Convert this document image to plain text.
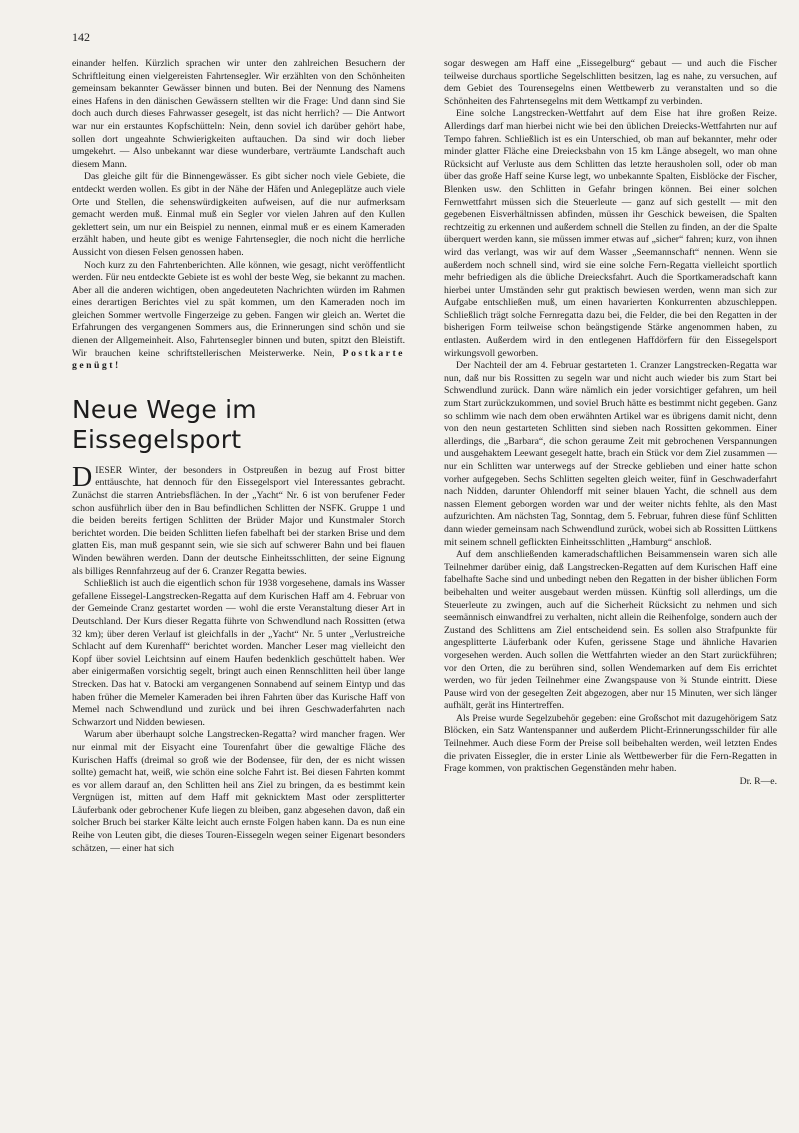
142

einander helfen. Kürzlich sprachen wir unter den zahlreichen Besuchern der Schriftleitung einen vielgereisten Fahrtensegler. Wir erzählten von den Schönheiten gemeinsam bekannter Gewässer binnen und buten. Bei der Nennung des Namens eines Hafens in den dänischen Gewässern stellten wir die Frage: Und dann sind Sie doch auch durch dieses Fahrwasser gesegelt, ist das nicht herrlich? — Die Antwort war nur ein erstauntes Kopfschütteln: Nein, denn soviel ich darüber gehört habe, sollen dort ungeahnte Schwierigkeiten auftauchen. Da sind wir doch lieber umgekehrt. — Also unbekannt war diese wunderbare, verträumte Landschaft auch diesem Mann.

Das gleiche gilt für die Binnengewässer. Es gibt sicher noch viele Gebiete, die entdeckt werden wollen. Es gibt in der Nähe der Häfen und Anlegeplätze auch viele Orte und Stellen, die sehenswürdigkeiten aufweisen, auf die nur aufmerksam gemacht werden muß. Einmal muß ein Segler vor vielen Jahren auf den Kullen geklettert sein, um nur ein Beispiel zu nennen, einmal muß er es einem Kameraden erzählt haben, und heute gibt es wenige Fahrtensegler, die noch nicht die herrliche Aussicht von diesen Felsen genossen haben.

Noch kurz zu den Fahrtenberichten. Alle können, wie gesagt, nicht veröffentlicht werden. Für neu entdeckte Gebiete ist es wohl der beste Weg, sie bekannt zu machen. Aber all die anderen wichtigen, oben angedeuteten Nachrichten würden im Rahmen eines derartigen Berichtes viel zu spät kommen, um den Kameraden noch im gleichen Sommer wertvolle Fingerzeige zu geben. Fangen wir gleich an. Wertet die Erfahrungen des vergangenen Sommers aus, die Erinnerungen sind schön und sie dienen der Allgemeinheit. Also, Fahrtensegler binnen und buten, spitzt den Bleistift. Wir brauchen keine schriftstellerischen Meisterwerke. Nein, Postkarte genügt!

Neue Wege im Eissegelsport

DIESER Winter, der besonders in Ostpreußen in bezug auf Frost bitter enttäuschte, hat dennoch für den Eissegelsport viel Interessantes gebracht. Zunächst die starren Antriebsflächen. In der „Yacht“ Nr. 6 ist von berufener Feder schon ausführlich über den in Bau befindlichen Schlitten der NSFK. Gruppe 1 und die beiden bereits fertigen Schlitten der Brüder Major und Kunstmaler Storch berichtet worden. Die beiden Schlitten liefen fabelhaft bei der starken Brise und dem glatten Eis, man muß gespannt sein, wie sie sich auf schwerer Bahn und bei flauen Winden bewähren werden. Dann der deutsche Einheitsschlitten, der seine Eignung als billiges Rennfahrzeug auf der 6. Cranzer Regatta bewies.

Schließlich ist auch die eigentlich schon für 1938 vorgesehene, damals ins Wasser gefallene Eissegel-Langstrecken-Regatta auf dem Kurischen Haff am 4. Februar von der Gemeinde Cranz gestartet worden — wohl die erste Veranstaltung dieser Art in Deutschland. Der Kurs dieser Regatta führte von Schwendlund nach Rossitten (etwa 32 km); über deren Verlauf ist gleichfalls in der „Yacht“ Nr. 5 unter „Verlustreiche Schlacht auf dem Kurenhaff“ berichtet worden. Mancher Leser mag vielleicht den Kopf über soviel Leichtsinn auf einem Haufen bedenklich geschüttelt haben. Wer aber einigermaßen vorsichtig segelt, bringt auch einen Rennschlitten heil über lange Strecken. Das hat v. Batocki am vergangenen Sonnabend auf seinem Eintyp und das haben früher die Memeler Kameraden bei ihren Fahrten über das Kurische Haff von Memel nach Schwendlund und zurück und bei ihren Geschwaderfahrten nach Schwarzort und Nidden bewiesen.

Warum aber überhaupt solche Langstrecken-Regatta? wird mancher fragen. Wer nur einmal mit der Eisyacht eine Tourenfahrt über die gewaltige Fläche des Kurischen Haffs (dreimal so groß wie der Bodensee, für den, der es nicht wissen sollte) gemacht hat, weiß, wie schön eine solche Fahrt ist. Bei diesen Fahrten kommt es vor allem darauf an, den Schlitten heil ans Ziel zu bringen, da es bestimmt kein Vergnügen ist, mitten auf dem Haff mit geknicktem Mast oder zersplitterter Läuferbank oder gebrochener Kufe liegen zu bleiben, ganz abgesehen davon, daß ein solcher Bruch bei starker Kälte leicht auch ernste Folgen haben kann. Da es nun eine Reihe von Leuten gibt, die dieses Touren-Eissegeln wegen seiner Eigenart besonders schätzen, — einer hat sich

sogar deswegen am Haff eine „Eissegelburg“ gebaut — und auch die Fischer teilweise durchaus sportliche Segelschlitten besitzen, lag es nahe, zu versuchen, auf dem Gebiet des Tourensegelns einen Wettbewerb zu veranstalten und so die Schönheiten des Fahrtensegelns mit dem Wettkampf zu verbinden.

Eine solche Langstrecken-Wettfahrt auf dem Eise hat ihre großen Reize. Allerdings darf man hierbei nicht wie bei den üblichen Dreiecks-Wettfahrten nur auf Tempo fahren. Schließlich ist es ein Unterschied, ob man auf bekannter, mehr oder minder glatter Fläche eine Dreiecksbahn von 15 km Länge absegelt, wo man ohne Rücksicht auf Verluste aus dem Schlitten das letzte herausholen soll, oder ob man über das große Haff seine Kurse legt, wo unbekannte Spalten, Eisblöcke der Fischer, Blenken usw. den Schlitten in Gefahr bringen können. Bei einer solchen Fernwettfahrt müssen sich die Steuerleute — ganz auf sich gestellt — mit den gegebenen Eisverhältnissen abfinden, müssen ihr Geschick beweisen, die Spalten rechtzeitig zu erkennen und außerdem schnell die Stellen zu finden, an der die Spalte überquert werden kann, sie müssen immer etwas auf „sicher“ fahren; kurz, von ihnen wird das verlangt, was wir auf dem Wasser „Seemannschaft“ nennen. Wenn sie außerdem noch schnell sind, wird sie eine solche Fern-Regatta vielleicht sportlich mehr befriedigen als die übliche Dreiecksfahrt. Auch die Sportkameradschaft kann hierbei unter Umständen sehr gut praktisch bewiesen werden, wenn man sich zur Aufgabe entschließen muß, um einen havarierten Konkurrenten abzuschleppen. Schließlich trägt solche Fernregatta dazu bei, die Felder, die bei den Regatten in der bisherigen Form teilweise schon beängstigende Stärke angenommen haben, zu entlasten. Außerdem wird in den entlegenen Haffdörfern für den Eissegelsport wirkungsvoll geworben.

Der Nachteil der am 4. Februar gestarteten 1. Cranzer Langstrecken-Regatta war nun, daß nur bis Rossitten zu segeln war und nicht auch wieder bis zum Start bei Schwendlund zurück. Dann wäre nämlich ein jeder vorsichtiger gefahren, um heil zum Start zurückzukommen, und soviel Bruch hätte es bestimmt nicht gegeben. Ganz so schlimm wie nach dem oben erwähnten Artikel war es übrigens damit nicht, denn von den neun gestarteten Schlitten sind sieben nach Rossitten gekommen. Einer allerdings, die „Barbara“, die schon geraume Zeit mit gebrochenen Verspannungen und ausgehaktem Leewant gesegelt hatte, brach ein Stück vor dem Ziel zusammen — nur ein Schlitten war unterwegs auf der Strecke geblieben und einer hatte schon vorher aufgegeben. Sechs Schlitten segelten gleich weiter, fünf in Geschwaderfahrt nach Nidden, darunter Ohlendorff mit seiner blauen Yacht, die schnell aus dem nassen Element geborgen worden war und der weiter nichts fehlte, als den Mast aufzurichten. Am nächsten Tag, Sonntag, dem 5. Februar, fuhren diese fünf Schlitten dann wieder gemeinsam nach Schwendlund zurück, wobei sich ab Rossitten Lüttkens mit seinem schnell geflickten Einheitsschlitten „Hamburg“ anschloß.

Auf dem anschließenden kameradschaftlichen Beisammensein waren sich alle Teilnehmer darüber einig, daß Langstrecken-Regatten auf dem Kurischen Haff eine fabelhafte Sache sind und unbedingt neben den Regatten in der bisher üblichen Form beibehalten und weiter ausgebaut werden müssen. Künftig soll allerdings, um die Steuerleute zu zwingen, auch auf die Sicherheit Rücksicht zu nehmen und sich seemännisch einwandfrei zu verhalten, nicht allein die Reihenfolge, sondern auch der Zustand des Schlittens am Ziel entscheidend sein. Es sollen also Strafpunkte für angesplitterte Läuferbank oder Kufen, gerissene Stage und ähnliche Havarien vorgesehen werden. Auch sollen die Wettfahrten wieder an den Start zurückführen; vor den Orten, die zu berühren sind, sollen Wendemarken auf dem Eis errichtet werden, wo für jeden Teilnehmer eine Zwangspause von ¾ Stunde eintritt. Diese Pause wird von der gesegelten Zeit abgezogen, aber nur 15 Minuten, wer sich länger aufhält, gerät ins Hintertreffen.

Als Preise wurde Segelzubehör gegeben: eine Großschot mit dazugehörigem Satz Blöcken, ein Satz Wantenspanner und außerdem Plicht-Erinnerungsschilder für alle Teilnehmer. Auch diese Form der Preise soll beibehalten werden, weil letzten Endes die privaten Eissegler, die in erster Linie als Wettbewerber für die Fern-Regatten in Frage kommen, von praktischen Gegenständen mehr haben.

Dr. R—e.
